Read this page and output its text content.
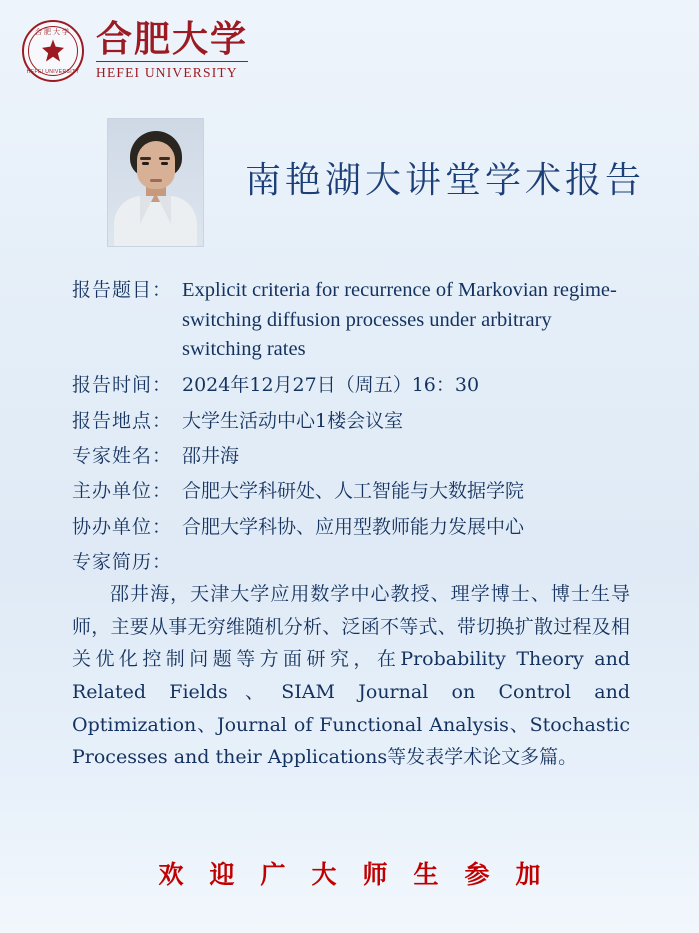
合肥大学
HEFEI UNIVERSITY
合肥大学
HEFEI UNIVERSITY
南艳湖大讲堂学术报告
报告题目： Explicit criteria for recurrence of Markovian regime-switching diffusion processes under arbitrary switching rates
报告时间： 2024年12月27日（周五）16：30
报告地点： 大学生活动中心1楼会议室
专家姓名： 邵井海
主办单位： 合肥大学科研处、人工智能与大数据学院
协办单位： 合肥大学科协、应用型教师能力发展中心
专家简历：
邵井海，天津大学应用数学中心教授、理学博士、博士生导师，主要从事无穷维随机分析、泛函不等式、带切换扩散过程及相关优化控制问题等方面研究，在Probability Theory and Related Fields、SIAM Journal on Control and Optimization、Journal of Functional Analysis、Stochastic Processes and their Applications等发表学术论文多篇。
欢迎广大师生参加
